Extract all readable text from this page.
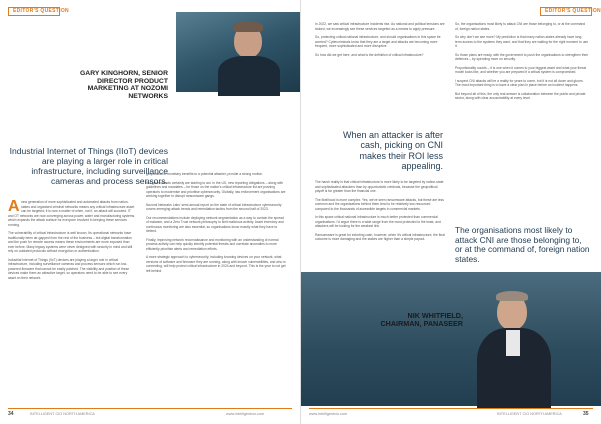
EDITOR'S QUESTION
GARY KINGHORN, SENIOR DIRECTOR PRODUCT MARKETING AT NOZOMI NETWORKS
Industrial Internet of Things (IIoT) devices are playing a larger role in critical infrastructure, including surveillance cameras and process sensors.

Anew generation of more sophisticated and automated attacks from nation-states and organised criminal networks means any critical infrastructure asset can be targeted; it is now a matter of when, not if, an attack will succeed. IT and OT networks are now converging across power, water and manufacturing systems, which expands the attack surface for everyone involved in keeping these services running.

The vulnerability of critical infrastructure is well known. Its operational networks have traditionally been air-gapped from the rest of the business – but digital transformation and the push for remote access means these environments are more exposed than ever before. Many legacy systems were never designed with security in mind and still rely on outdated protocols without encryption or authentication.

Industrial Internet of Things (IIoT) devices are playing a larger role in critical infrastructure, including surveillance cameras and process sensors which run low-powered firmware that cannot be easily patched. The visibility and position of these devices make them an attractive target, so operators need to be able to see every asset on their network.

geopolitical or monetary benefits to a potential attacker, provide a strong motive.

But governments certainly are starting to act. In the US, new reporting obligations – along with guidelines and mandates – for those on the nation's critical infrastructure list are pushing operators to modernise and prioritise cybersecurity. Globally, law enforcement organisations are working together to disrupt ransomware gangs.

Nozomi Networks Labs' semi-annual report on the state of critical infrastructure cybersecurity covers emerging attack trends and remediation tactics from the second half of 2023.

Our recommendations include deploying network segmentation as a way to contain the spread of malware, and a Zero Trust network philosophy to limit malicious activity. Asset inventory and continuous monitoring are also essential, so organisations know exactly what they have to defend.

Finally, improving network reconnaissance and monitoring with an understanding of normal process activity can help quickly identify potential threats and correlate anomalies to more efficiently prioritise alerts and remediation efforts.

A more strategic approach to cybersecurity, including knowing devices on your network, what versions of software and firmware they are running, along with known vulnerabilities, and who is connecting, will help protect critical infrastructure in 2024 and beyond. This is the year to not get left behind.

34	INTELLIGENT CIO NORTH AMERICA	www.intelligentcio.com
EDITOR'S QUESTION

In 2022, we saw critical infrastructure incidents rise. As national and political tensions are stoked, we increasingly see these services targeted as a means to apply pressure.

So, protecting critical national infrastructure, and should organisations in this space be worried? Cybercriminals know that they are a target and attacks are becoming more frequent, more sophisticated and more disruptive.

So how did we get here, and what is the definition of critical infrastructure?

When an attacker is after cash, picking on CNI makes their ROI less appealing.

The harsh reality is that critical infrastructure is more likely to be targeted by nation-state and sophisticated attackers than by opportunistic criminals, because the geopolitical payoff is far greater than the financial one.

The likelihood is more complex. Yes, we've seen ransomware attacks, but these are less common and the organisations behind them tend to be relatively low-resourced compared to the thousands of accessible targets in commercial markets.

In this space critical national infrastructure is much better protected than commercial organisations. I'd argue there is a wide range from the most protected to the least, and attackers will be looking for the weakest link.

Ransomware is great for extorting cash, however, when it's critical infrastructure, the final outcome is more damaging and the stakes are higher than a simple payout.

So, the organisations most likely to attack CNI are those belonging to, or at the command of, foreign nation states.

So why don't we see more? My prediction is that many nation-states already have long-term access to the systems they want, and that they are waiting for the right moment to use it.

So those plans are ready, with the government to push the organisations to strengthen their defences – by spending more on security.

Proportionality counts – it is one when it comes to your biggest asset and what your threat model looks like, and whether you are prepared if a critical system is compromised.

I suspect CNI attacks will be a reality for years to come, but it is not all doom and gloom. The most important thing is to have a clear plan in place before an incident happens.

But beyond all of this, the only real answer is collaboration between the public and private sector, along with clear accountability at every level.

The organisations most likely to attack CNI are those belonging to, or at the command of, foreign nation states.
NIK WHITFIELD, CHAIRMAN, PANASEER
www.intelligentcio.com	INTELLIGENT CIO NORTH AMERICA	35
